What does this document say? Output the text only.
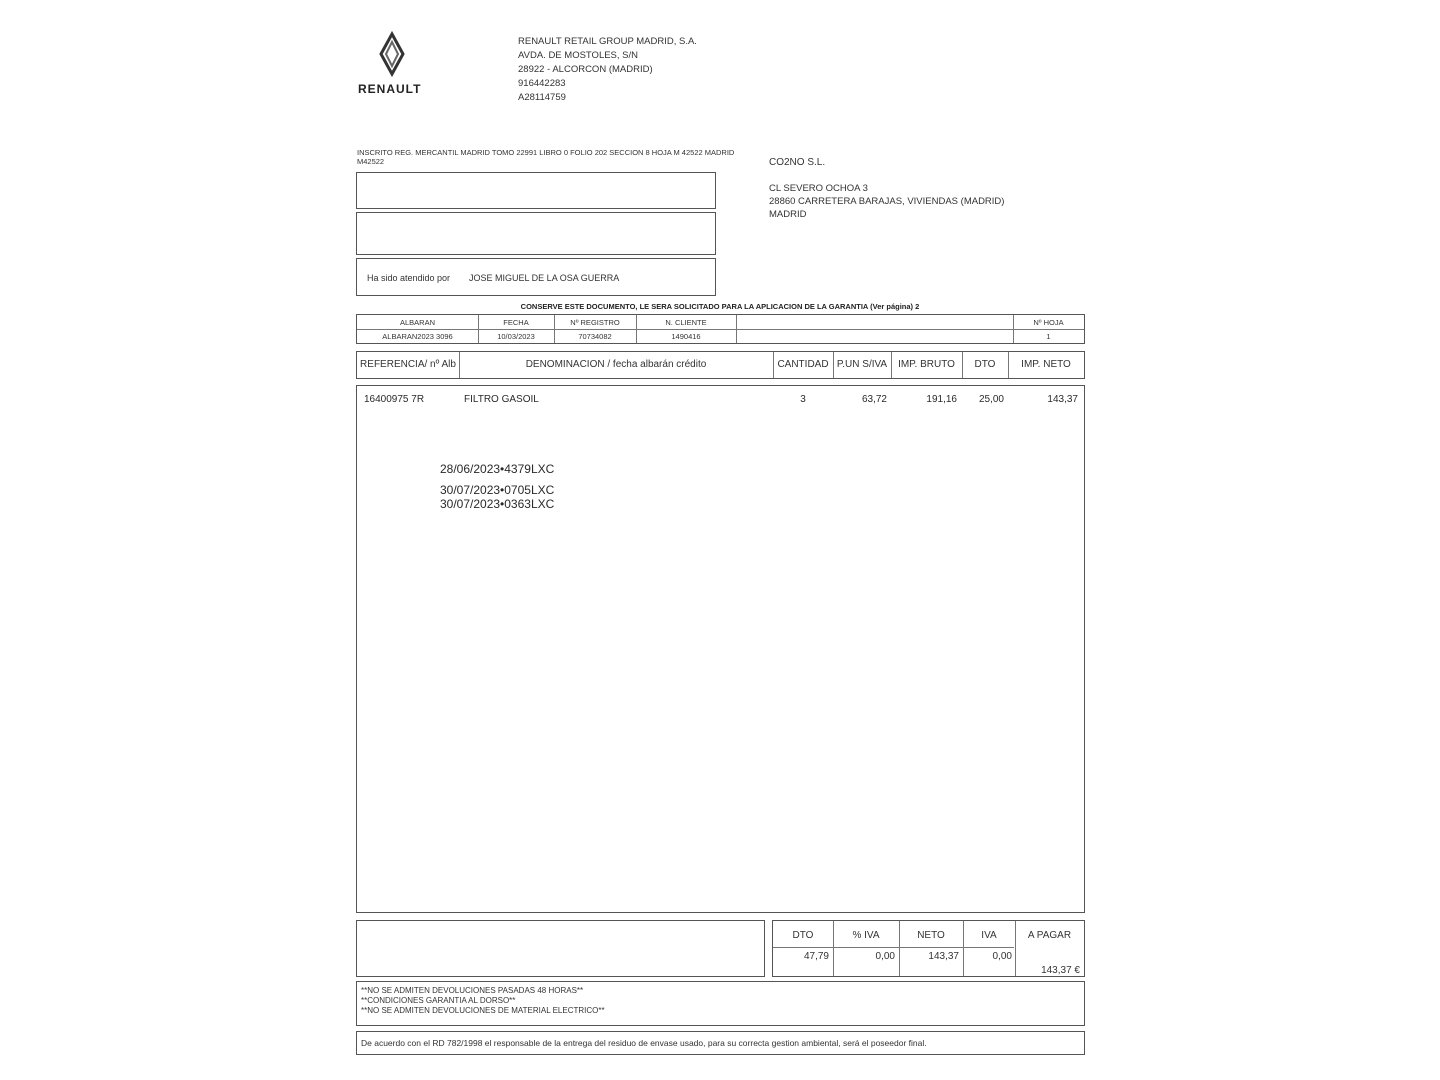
RENAULT
RENAULT RETAIL GROUP MADRID, S.A.
AVDA. DE MOSTOLES, S/N
28922 - ALCORCON (MADRID)
916442283
A28114759
INSCRITO REG. MERCANTIL MADRID TOMO 22991 LIBRO 0 FOLIO 202 SECCION 8 HOJA M 42522 MADRID M42522
Ha sido atendido por JOSE MIGUEL DE LA OSA GUERRA
CO2NO S.L.
CL SEVERO OCHOA 3
28860 CARRETERA BARAJAS, VIVIENDAS (MADRID)
MADRID
CONSERVE ESTE DOCUMENTO, LE SERA SOLICITADO PARA LA APLICACION DE LA GARANTIA (Ver página) 2
ALBARAN	FECHA	Nº REGISTRO	N. CLIENTE	Nº HOJA
ALBARAN2023 3096	10/03/2023	70734082	1490416	1
REFERENCIA/ nº Alb	DENOMINACION / fecha albarán crédito	CANTIDAD P.UN S/IVA	IMP. BRUTO	DTO	IMP. NETO
16400975 7R	FILTRO GASOIL	3	63,72	191,16	25,00	143,37
28/06/2023•4379LXC
30/07/2023•0705LXC
30/07/2023•0363LXC
DTO	% IVA	NETO	IVA	A PAGAR
47,79	0,00	143,37	0,00
143,37 €
**NO SE ADMITEN DEVOLUCIONES PASADAS 48 HORAS**
**CONDICIONES GARANTIA AL DORSO**
**NO SE ADMITEN DEVOLUCIONES DE MATERIAL ELECTRICO**
De acuerdo con el RD 782/1998 el responsable de la entrega del residuo de envase usado, para su correcta gestion ambiental, será el poseedor final.
